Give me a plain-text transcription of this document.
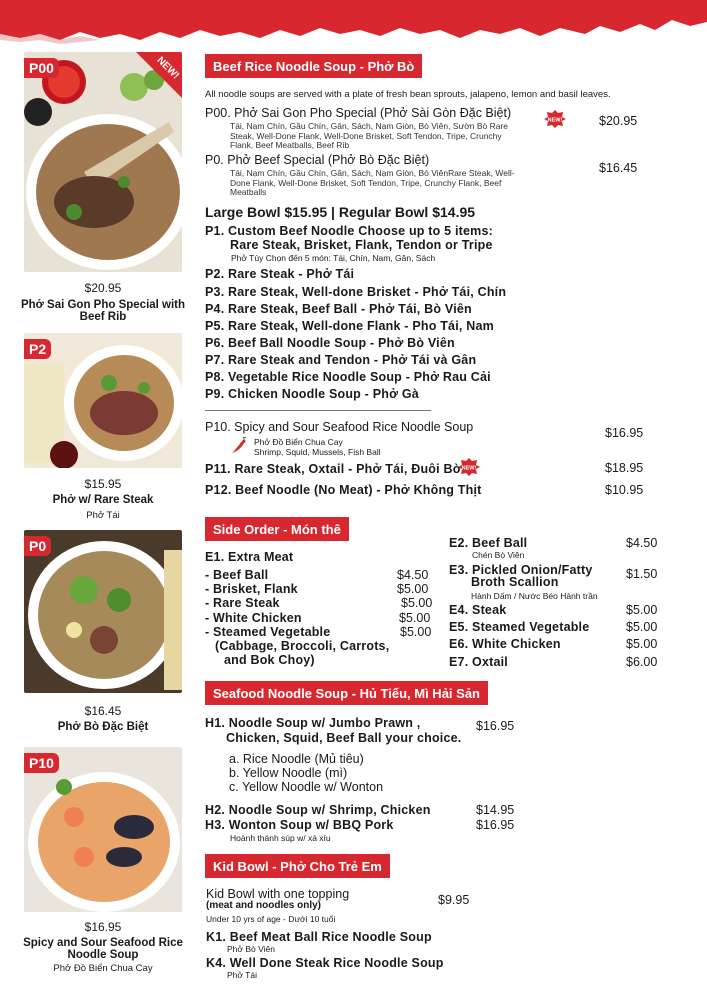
P00	NEW!
$20.95
Phở Sai Gon Pho Special with Beef Rib
P2
$15.95
Phở w/ Rare Steak
Phở Tái
P0
$16.45
Phở Bò Đặc Biệt
P10
$16.95
Spicy and Sour Seafood Rice Noodle Soup
Phở Đồ Biển Chua Cay
Beef Rice Noodle Soup - Phở Bò
All noodle soups are served with a plate of fresh bean sprouts, jalapeno, lemon and basil leaves.
P00. Phở Sai Gon Pho Special (Phở Sài Gòn Đặc Biệt)
NEW!	$20.95
Tái, Nạm Chín, Gầu Chín, Gân, Sách, Nạm Giòn, Bò Viên, Sườn Bò Rare Steak, Well-Done Flank, Well-Done Brisket, Soft Tendon, Tripe, Crunchy Flank, Beef Meatballs, Beef Rib
P0. Phở Beef Special (Phở Bò Đặc Biệt)
$16.45
Tái, Nạm Chín, Gầu Chín, Gân, Sách, Nạm Giòn, Bò ViênRare Steak, Well-Done Flank, Well-Done Brisket, Soft Tendon, Tripe, Crunchy Flank, Beef Meatballs
Large Bowl $15.95 | Regular Bowl $14.95
P1. Custom Beef Noodle Choose up to 5 items:
Rare Steak, Brisket, Flank, Tendon or Tripe
Phở Tùy Chọn đến 5 món: Tái, Chín, Nam, Gân, Sách
P2. Rare Steak - Phở Tái
P3. Rare Steak, Well-done Brisket - Phở Tái, Chín
P4. Rare Steak, Beef Ball - Phở Tái, Bò Viên
P5. Rare Steak, Well-done Flank - Pho Tái, Nam
P6. Beef Ball Noodle Soup - Phở Bò Viên
P7. Rare Steak and Tendon - Phở Tái và Gân
P8. Vegetable Rice Noodle Soup - Phở Rau Cải
P9. Chicken Noodle Soup - Phở Gà
P10. Spicy and Sour Seafood Rice Noodle Soup	$16.95
Phở Đồ Biển Chua Cay
Shrimp, Squid, Mussels, Fish Ball
P11. Rare Steak, Oxtail - Phở Tái, Đuôi Bò NEW!	$18.95
P12. Beef Noodle (No Meat) - Phở Không Thịt	$10.95
Side Order - Món thê
E1. Extra Meat
- Beef Ball	$4.50
- Brisket, Flank	$5.00
- Rare Steak	$5.00
- White Chicken	$5.00
- Steamed Vegetable	$5.00
(Cabbage, Broccoli, Carrots,
and Bok Choy)
E2. Beef Ball	$4.50
Chén Bò Viên
E3. Pickled Onion/Fatty
Broth Scallion
$1.50
Hành Dấm / Nước Béo Hành trần
E4. Steak	$5.00
E5. Steamed Vegetable	$5.00
E6. White Chicken	$5.00
E7. Oxtail	$6.00
Seafood Noodle Soup - Hủ Tiếu, Mì Hải Sản
H1. Noodle Soup w/ Jumbo Prawn ,
Chicken, Squid, Beef Ball your choice.
$16.95
a. Rice Noodle (Mủ tiêu)
b. Yellow Noodle (mì)
c. Yellow Noodle w/ Wonton
H2. Noodle Soup w/ Shrimp, Chicken	$14.95
H3. Wonton Soup w/ BBQ Pork	$16.95
Hoành thánh súp w/ xá xíu
Kid Bowl - Phở Cho Trẻ Em
Kid Bowl with one topping
(meat and noodles only)	$9.95
Under 10 yrs of age - Dưới 10 tuổi
K1. Beef Meat Ball Rice Noodle Soup
Phở Bò Viên
K4. Well Done Steak Rice Noodle Soup
Phở Tái
